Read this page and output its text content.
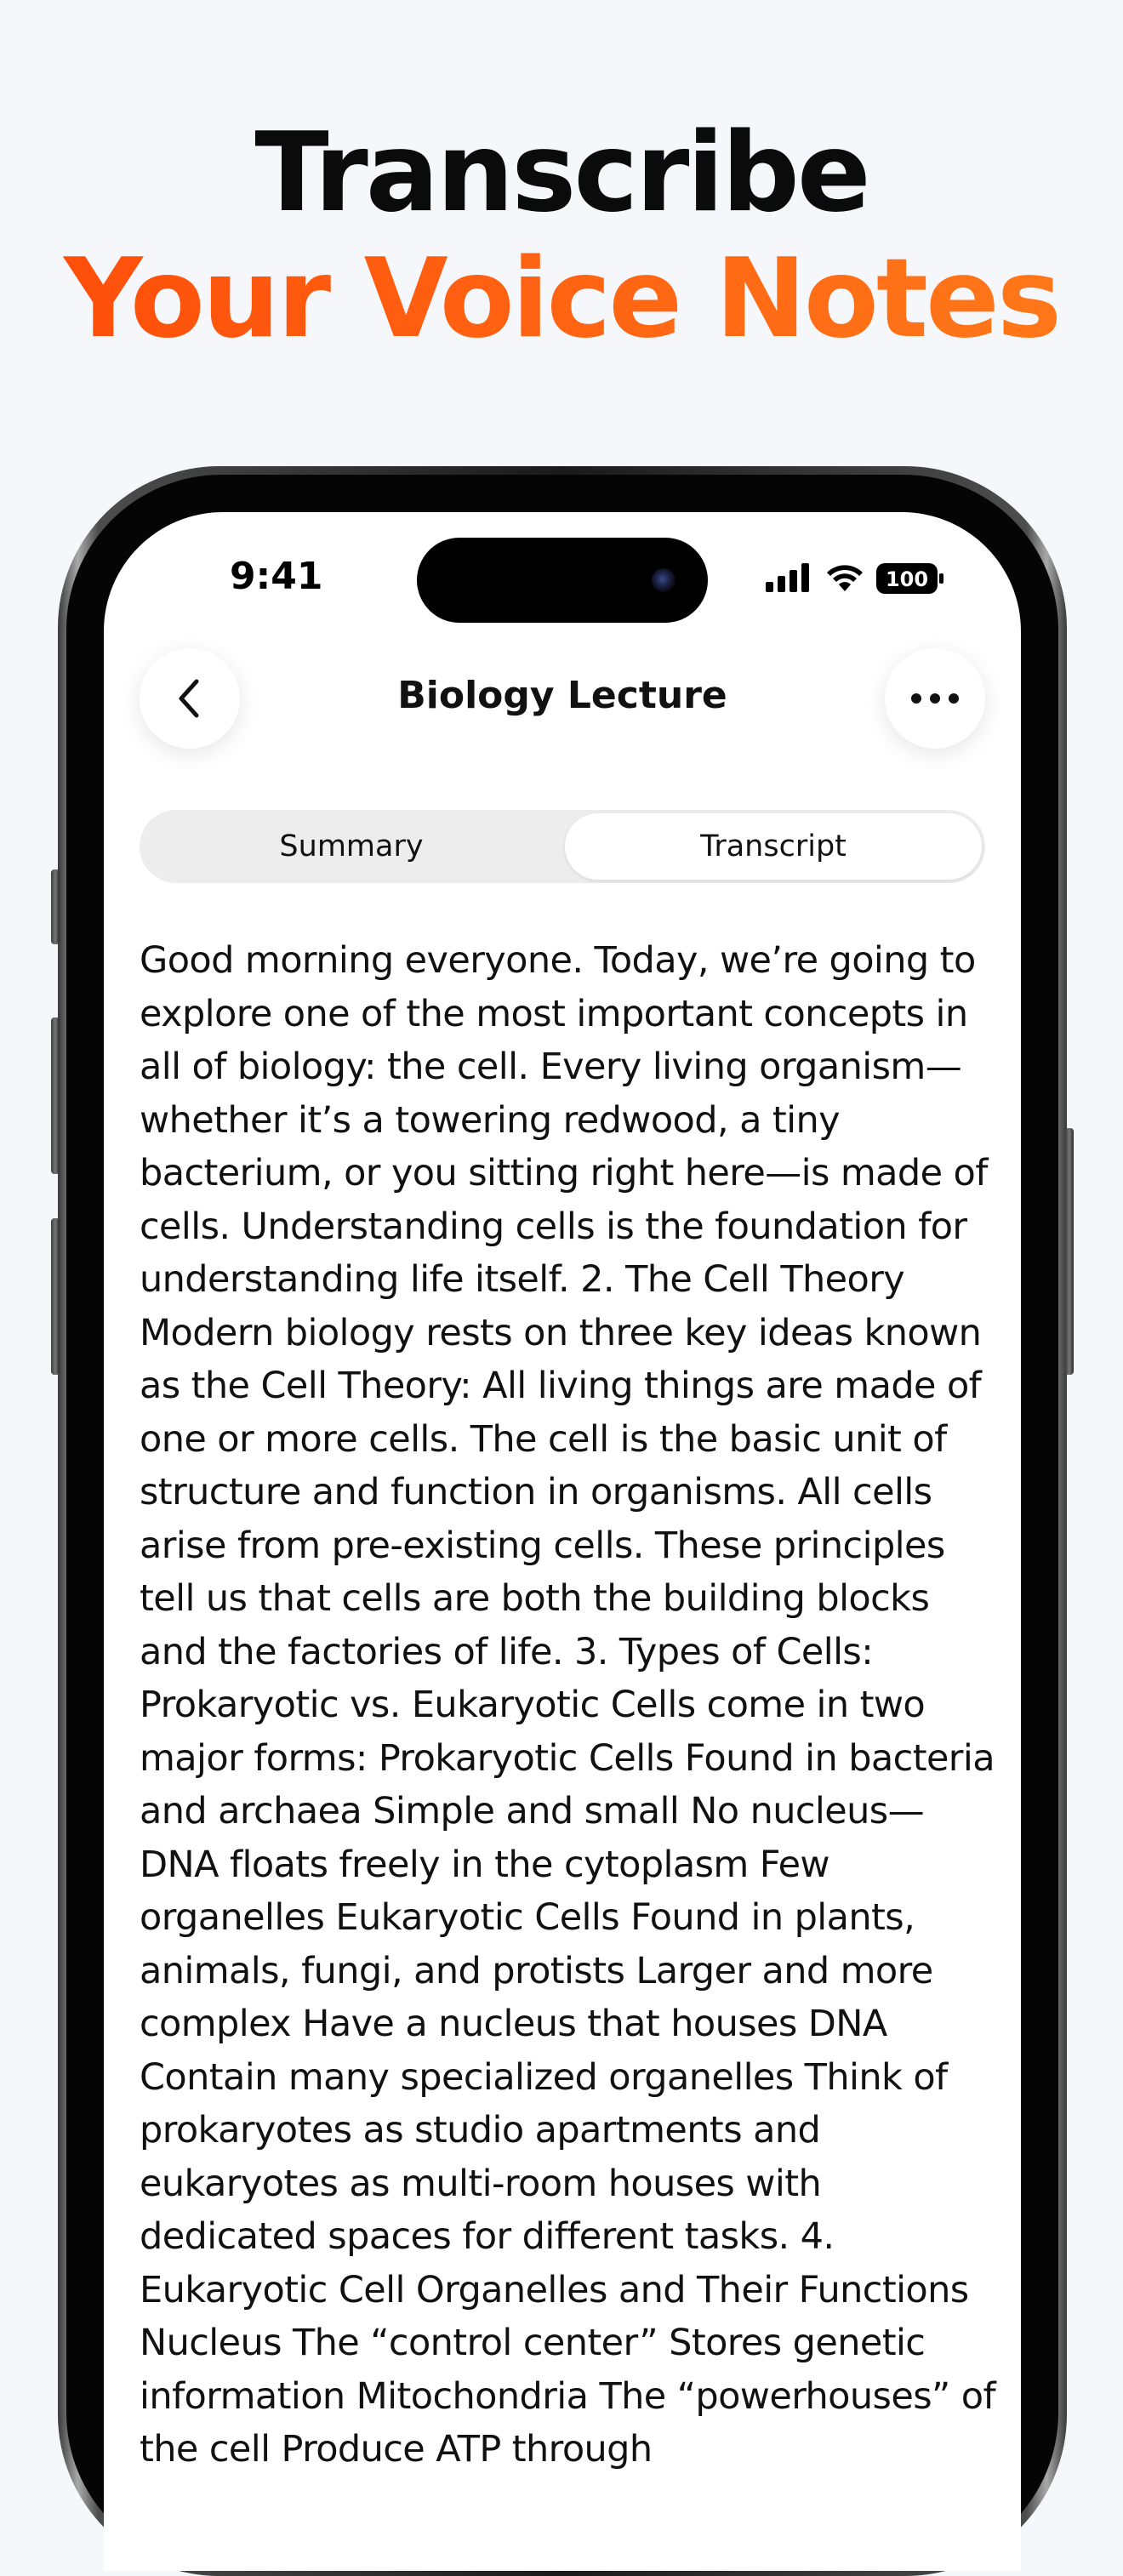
Transcribe
Your Voice Notes
9:41	100
Biology Lecture
Summary	Transcript

Good morning everyone. Today, we’re going to explore one of the most important concepts in all of biology: the cell. Every living organism—whether it’s a towering redwood, a tiny bacterium, or you sitting right here—is made of cells. Understanding cells is the foundation for understanding life itself. 2. The Cell Theory Modern biology rests on three key ideas known as the Cell Theory: All living things are made of one or more cells. The cell is the basic unit of structure and function in organisms. All cells arise from pre-existing cells. These principles tell us that cells are both the building blocks and the factories of life. 3. Types of Cells: Prokaryotic vs. Eukaryotic Cells come in two major forms: Prokaryotic Cells Found in bacteria and archaea Simple and small No nucleus—DNA floats freely in the cytoplasm Few organelles Eukaryotic Cells Found in plants, animals, fungi, and protists Larger and more complex Have a nucleus that houses DNA Contain many specialized organelles Think of prokaryotes as studio apartments and eukaryotes as multi-room houses with dedicated spaces for different tasks. 4. Eukaryotic Cell Organelles and Their Functions Nucleus The “control center” Stores genetic information Mitochondria The “powerhouses” of the cell Produce ATP through
